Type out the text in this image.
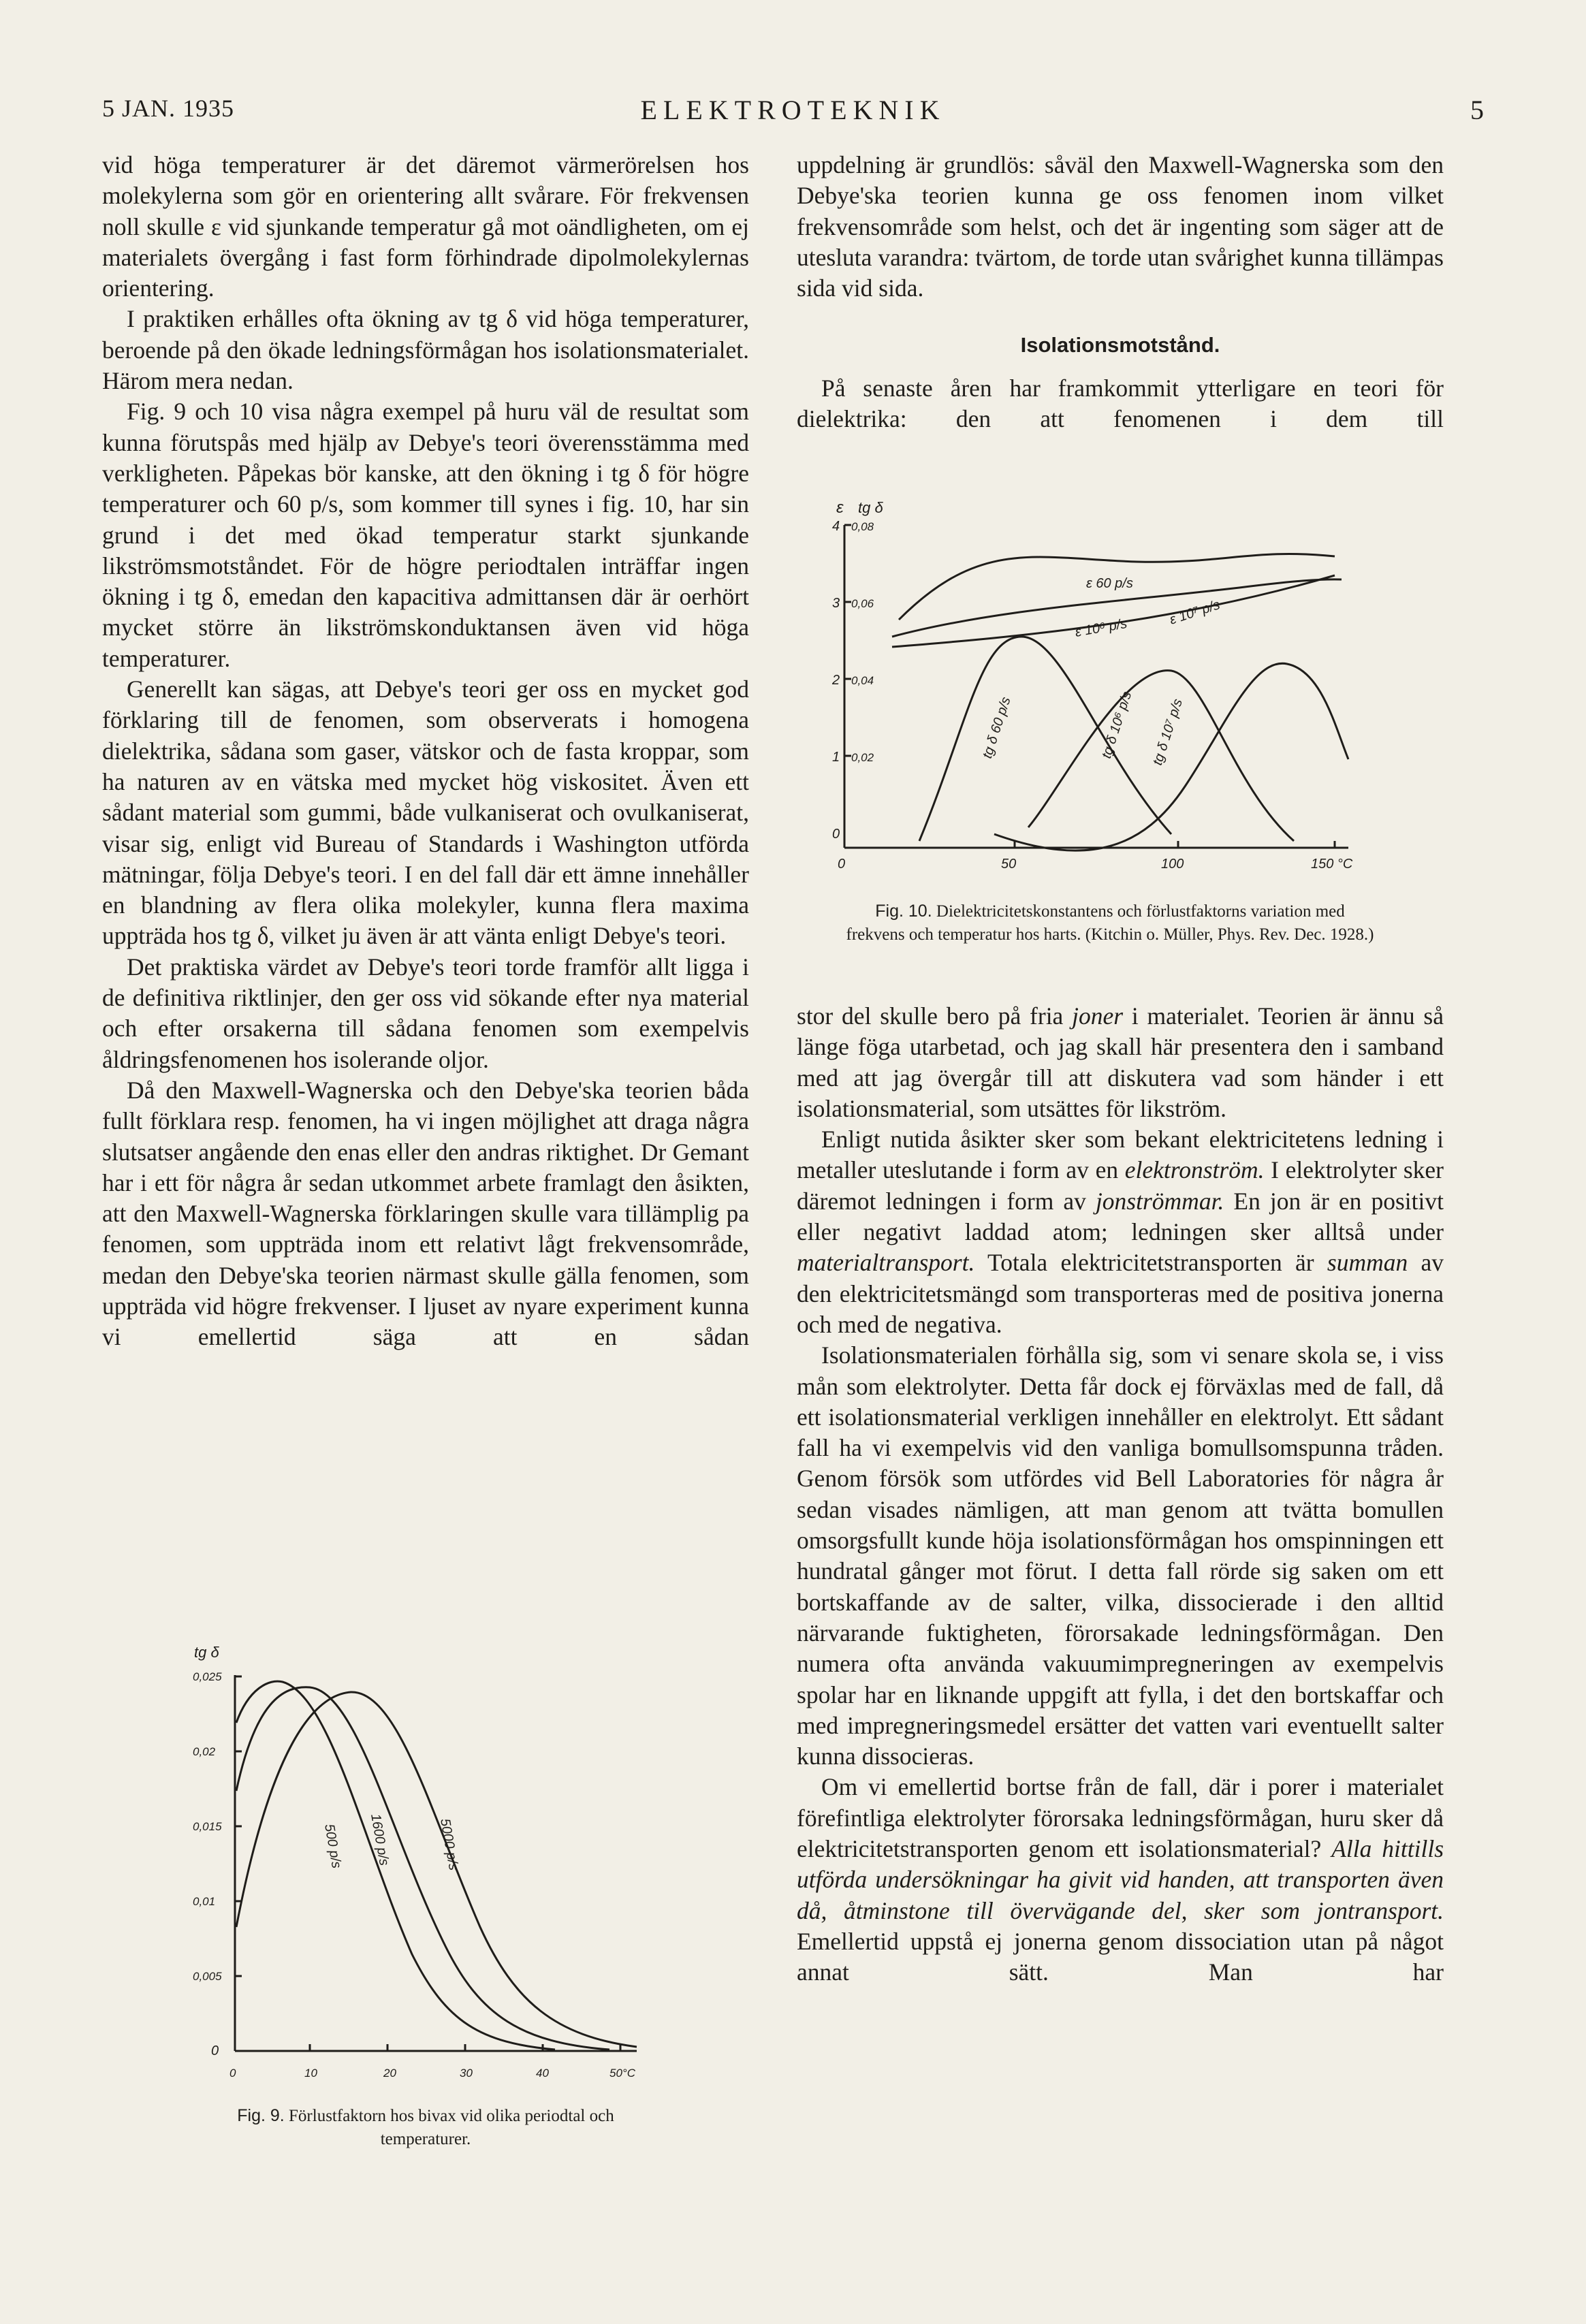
5 JAN. 1935	ELEKTROTEKNIK	5

vid höga temperaturer är det däremot värmerörelsen hos molekylerna som gör en orientering allt svårare. För frekvensen noll skulle ε vid sjunkande temperatur gå mot oändligheten, om ej materialets övergång i fast form förhindrade dipolmolekylernas orientering.

I praktiken erhålles ofta ökning av tg δ vid höga temperaturer, beroende på den ökade ledningsförmågan hos isolationsmaterialet. Härom mera nedan.

Fig. 9 och 10 visa några exempel på huru väl de resultat som kunna förutspås med hjälp av Debye's teori överensstämma med verkligheten. Påpekas bör kanske, att den ökning i tg δ för högre temperaturer och 60 p/s, som kommer till synes i fig. 10, har sin grund i det med ökad temperatur starkt sjunkande likströmsmotståndet. För de högre periodtalen inträffar ingen ökning i tg δ, emedan den kapacitiva admittansen där är oerhört mycket större än likströmskonduktansen även vid höga temperaturer.

Generellt kan sägas, att Debye's teori ger oss en mycket god förklaring till de fenomen, som observerats i homogena dielektrika, sådana som gaser, vätskor och de fasta kroppar, som ha naturen av en vätska med mycket hög viskositet. Även ett sådant material som gummi, både vulkaniserat och ovulkaniserat, visar sig, enligt vid Bureau of Standards i Washington utförda mätningar, följa Debye's teori. I en del fall där ett ämne innehåller en blandning av flera olika molekyler, kunna flera maxima uppträda hos tg δ, vilket ju även är att vänta enligt Debye's teori.

Det praktiska värdet av Debye's teori torde framför allt ligga i de definitiva riktlinjer, den ger oss vid sökande efter nya material och efter orsakerna till sådana fenomen som exempelvis åldringsfenomenen hos isolerande oljor.

Då den Maxwell-Wagnerska och den Debye'ska teorien båda fullt förklara resp. fenomen, ha vi ingen möjlighet att draga några slutsatser angående den enas eller den andras riktighet. Dr Gemant har i ett för några år sedan utkommet arbete framlagt den åsikten, att den Maxwell-Wagnerska förklaringen skulle vara tillämplig pa fenomen, som uppträda inom ett relativt lågt frekvensområde, medan den Debye'ska teorien närmast skulle gälla fenomen, som uppträda vid högre frekvenser. I ljuset av nyare experiment kunna vi emellertid säga att en sådan

uppdelning är grundlös: såväl den Maxwell-Wagnerska som den Debye'ska teorien kunna ge oss fenomen inom vilket frekvensområde som helst, och det är ingenting som säger att de utesluta varandra: tvärtom, de torde utan svårighet kunna tillämpas sida vid sida.

Isolationsmotstånd.

På senaste åren har framkommit ytterligare en teori för dielektrika: den att fenomenen i dem till

ε tg δ
4
3
2
1
0
0,08
0,06
0,04
0,02
0	50	100	150 °C
ε 60 p/s
ε 10⁶ p/s
ε 10⁷ p/s
tg δ 60 p/s	tg δ 10⁶ p/s tg δ 10⁷ p/s
Fig. 10. Dielektricitetskonstantens och förlustfaktorns variation med frekvens och temperatur hos harts. (Kitchin o. Müller, Phys. Rev. Dec. 1928.)

stor del skulle bero på fria joner i materialet. Teorien är ännu så länge föga utarbetad, och jag skall här presentera den i samband med att jag övergår till att diskutera vad som händer i ett isolationsmaterial, som utsättes för likström.

Enligt nutida åsikter sker som bekant elektricitetens ledning i metaller uteslutande i form av en elektronström. I elektrolyter sker däremot ledningen i form av jonströmmar. En jon är en positivt eller negativt laddad atom; ledningen sker alltså under materialtransport. Totala elektricitetstransporten är summan av den elektricitetsmängd som transporteras med de positiva jonerna och med de negativa.

Isolationsmaterialen förhålla sig, som vi senare skola se, i viss mån som elektrolyter. Detta får dock ej förväxlas med de fall, då ett isolationsmaterial verkligen innehåller en elektrolyt. Ett sådant fall ha vi exempelvis vid den vanliga bomullsomspunna tråden. Genom försök som utfördes vid Bell Laboratories för några år sedan visades nämligen, att man genom att tvätta bomullen omsorgsfullt kunde höja isolationsförmågan hos omspinningen ett hundratal gånger mot förut. I detta fall rörde sig saken om ett bortskaffande av de salter, vilka, dissocierade i den alltid närvarande fuktigheten, förorsakade ledningsförmågan. Den numera ofta använda vakuumimpregneringen av exempelvis spolar har en liknande uppgift att fylla, i det den bortskaffar och med impregneringsmedel ersätter det vatten vari eventuellt salter kunna dissocieras.

Om vi emellertid bortse från de fall, där i porer i materialet förefintliga elektrolyter förorsaka ledningsförmågan, huru sker då elektricitetstransporten genom ett isolationsmaterial? Alla hittills utförda undersökningar ha givit vid handen, att transporten även då, åtminstone till övervägande del, sker som jontransport. Emellertid uppstå ej jonerna genom dissociation utan på något annat sätt. Man har

tg δ
0,025
0,02
0,015
0,01
0,005
0
0	10	20	30	40	50°C
500 p/s 1600 p/s	5000 p/s
Fig. 9. Förlustfaktorn hos bivax vid olika periodtal och temperaturer.
